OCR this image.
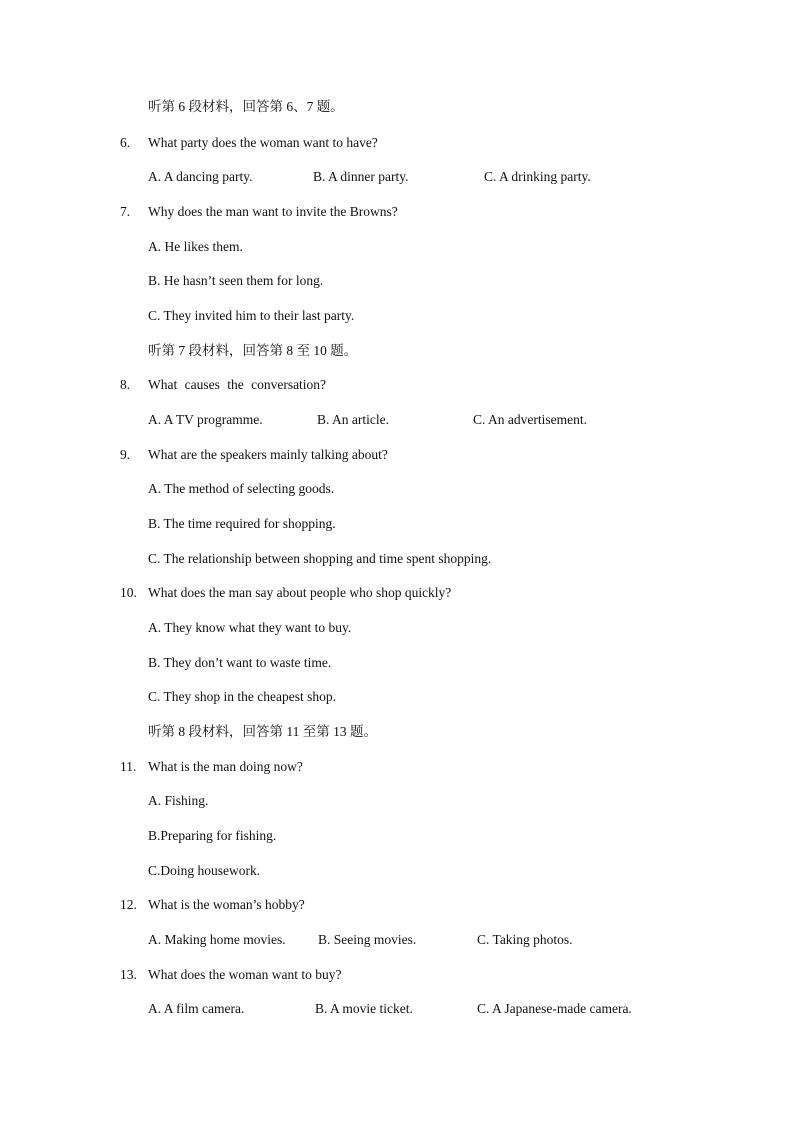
听第 6 段材料，回答第 6、7 题。
6. What party does the woman want to have?
A. A dancing party.	B. A dinner party.	C. A drinking party.
7. Why does the man want to invite the Browns?
A. He likes them.
B. He hasn’t seen them for long.
C. They invited him to their last party.
听第 7 段材料，回答第 8 至 10 题。
8. What causes the conversation?
A. A TV programme.	B. An article.	C. An advertisement.
9. What are the speakers mainly talking about?
A. The method of selecting goods.
B. The time required for shopping.
C. The relationship between shopping and time spent shopping.
10. What does the man say about people who shop quickly?
A. They know what they want to buy.
B. They don’t want to waste time.
C. They shop in the cheapest shop.
听第 8 段材料，回答第 11 至第 13 题。
11. What is the man doing now?
A. Fishing.
B.Preparing for fishing.
C.Doing housework.
12. What is the woman’s hobby?
A. Making home movies. B. Seeing movies.	C. Taking photos.
13. What does the woman want to buy?
A. A film camera.	B. A movie ticket.	C. A Japanese-made camera.
